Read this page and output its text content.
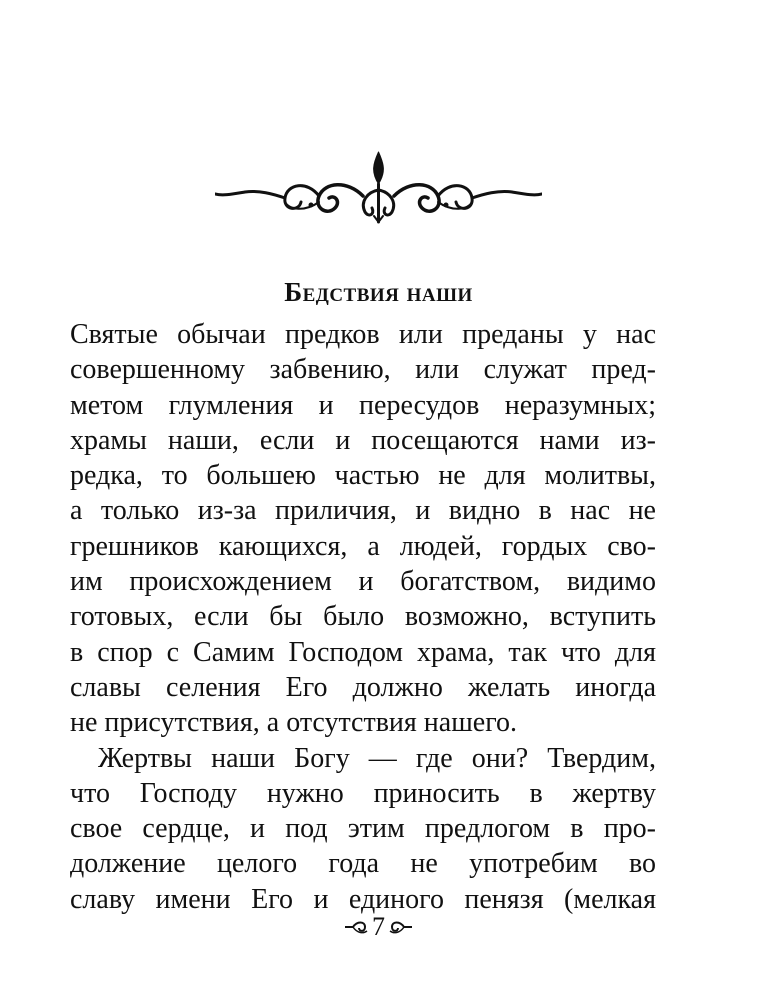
Бедствия наши
Святые обычаи предков или преданы у нас
совершенному забвению, или служат пред-
метом глумления и пересудов неразумных;
храмы наши, если и посещаются нами из-
редка, то большею частью не для молитвы,
а только из-за приличия, и видно в нас не
грешников кающихся, а людей, гордых сво-
им происхождением и богатством, видимо
готовых, если бы было возможно, вступить
в спор с Самим Господом храма, так что для
славы селения Его должно желать иногда
не присутствия, а отсутствия нашего.
Жертвы наши Богу — где они? Твердим,
что Господу нужно приносить в жертву
свое сердце, и под этим предлогом в про-
должение целого года не употребим во
славу имени Его и единого пенязя (мелкая
7
